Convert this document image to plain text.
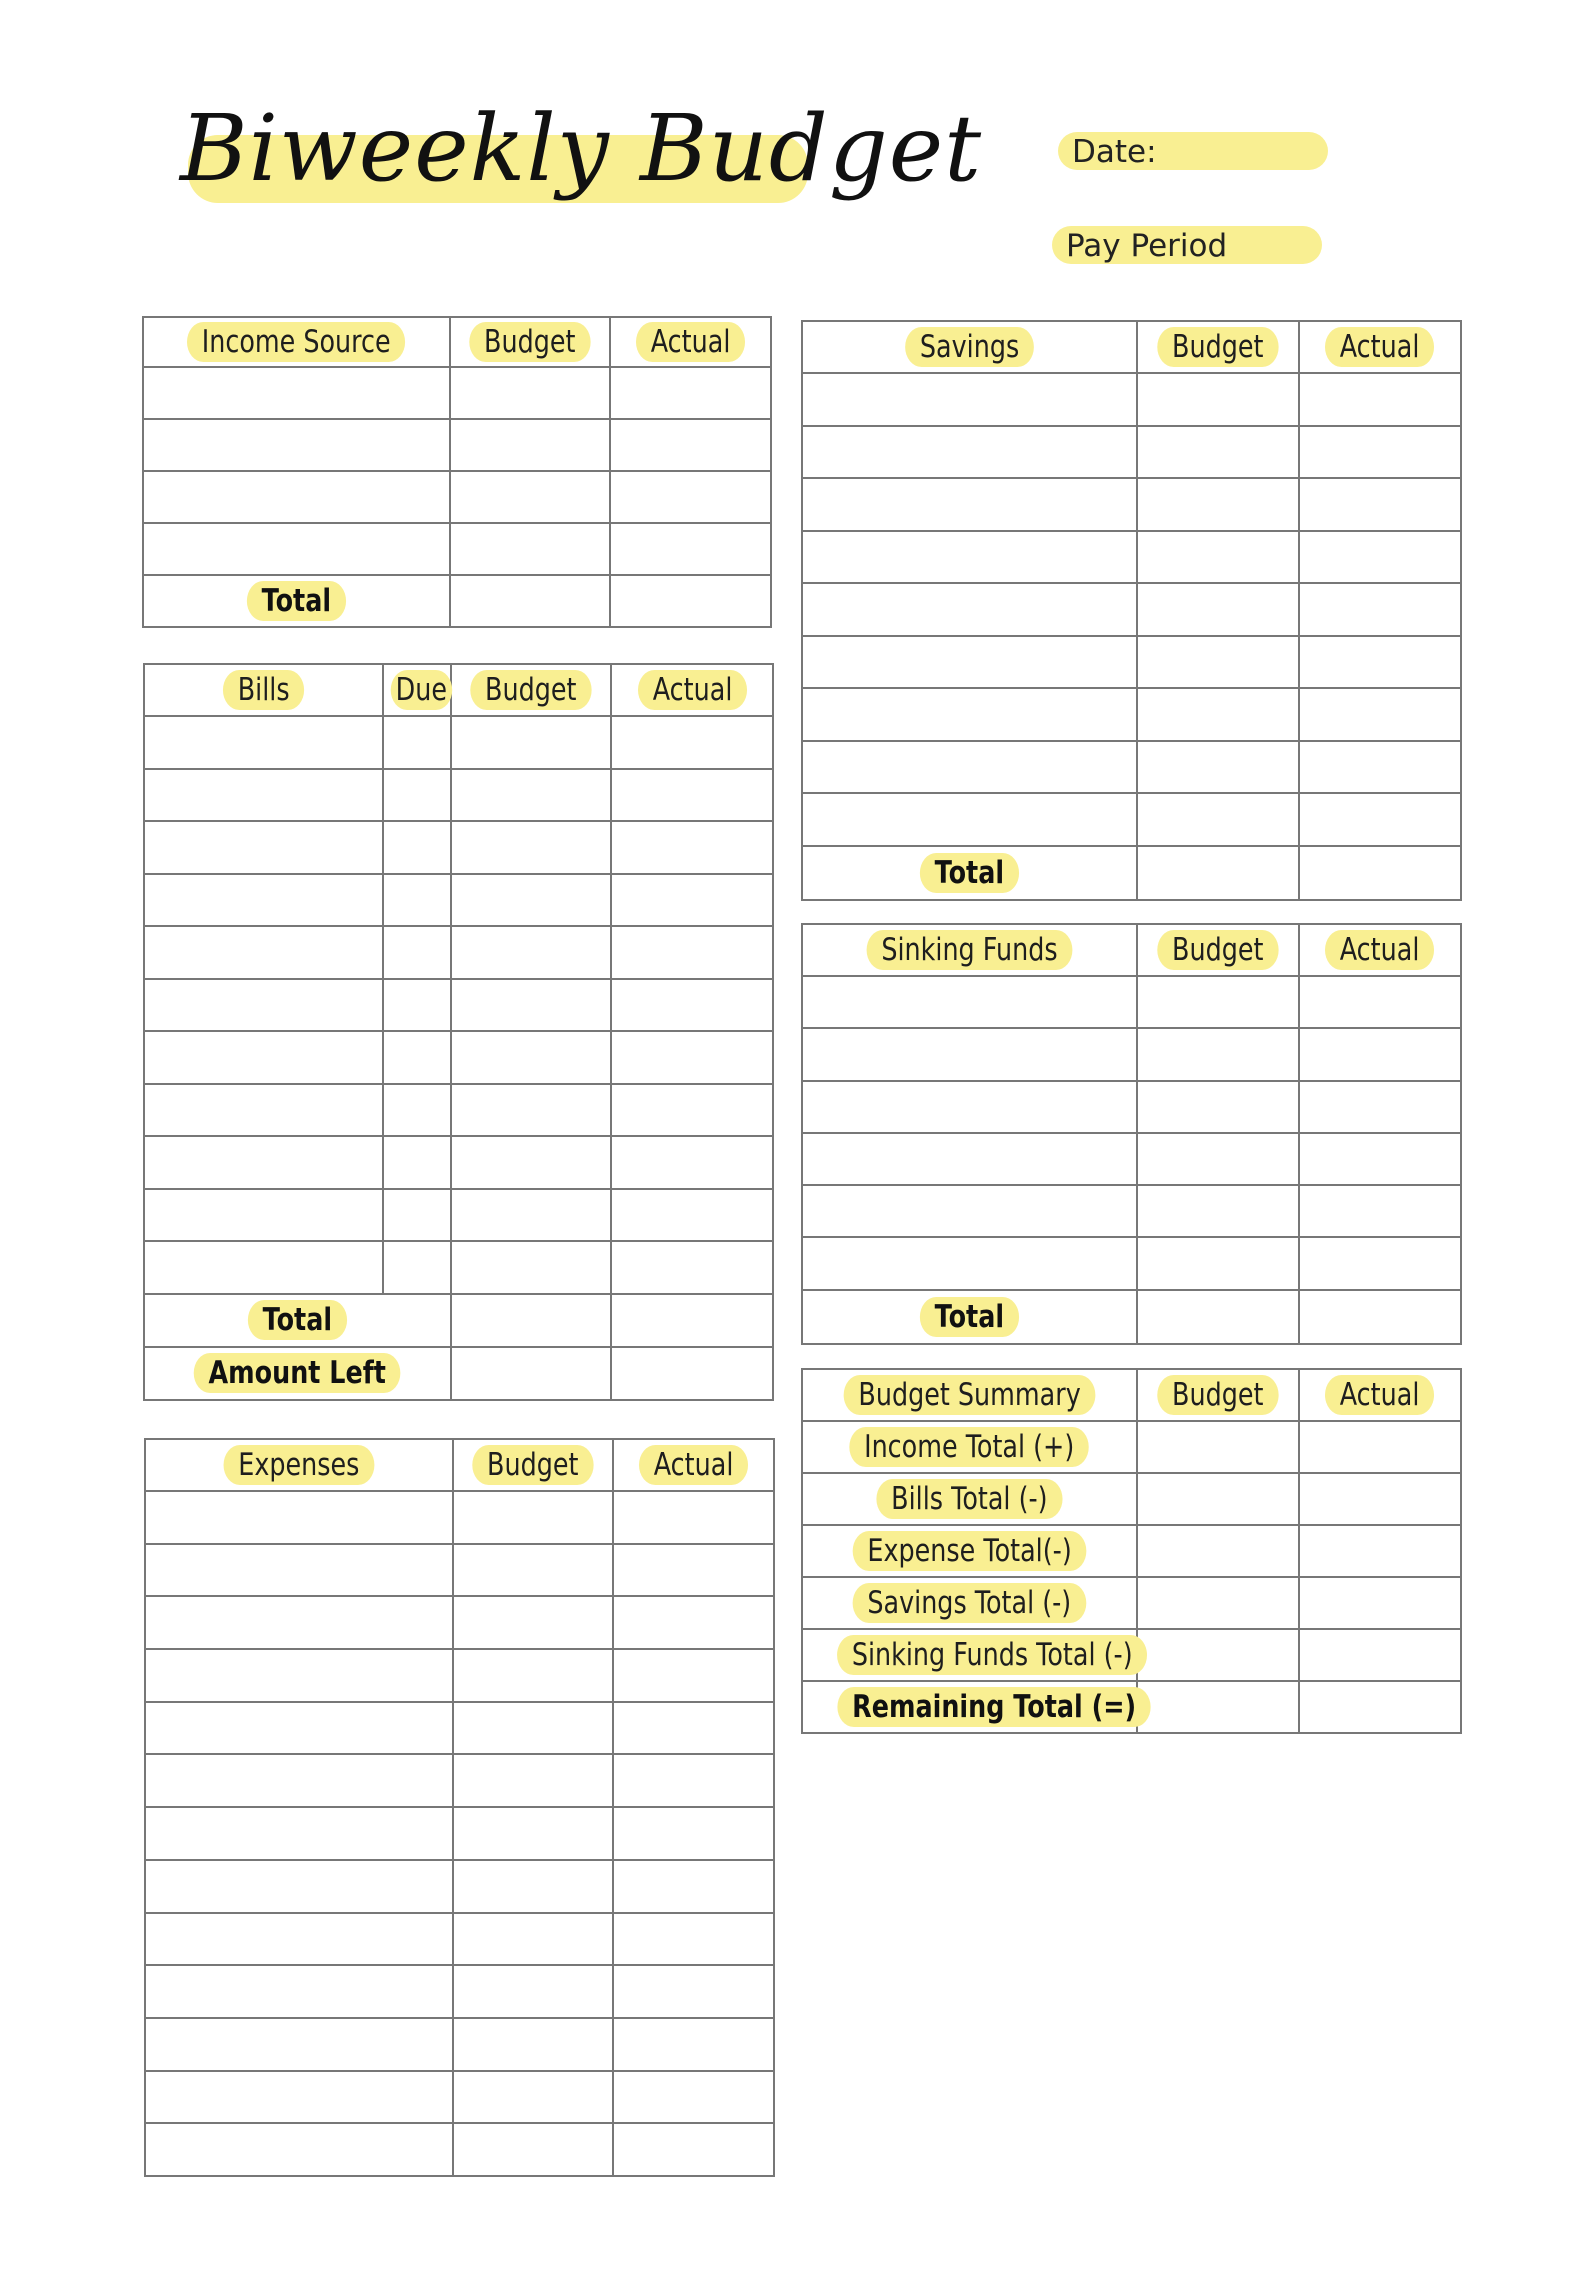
Biweekly Budget	Date:
Pay Period
Income Source	Budget	Actual

Total		
Bills	Due	Budget	Actual

Total			
Amount Left			
Expenses	Budget	Actual

Savings	Budget	Actual

Total		
Sinking Funds	Budget	Actual

Total		
Budget Summary	Budget	Actual
Income Total (+)		
Bills Total (-)		
Expense Total(-)		
Savings Total (-)		
Sinking Funds Total (-)		
Remaining Total (=)		
